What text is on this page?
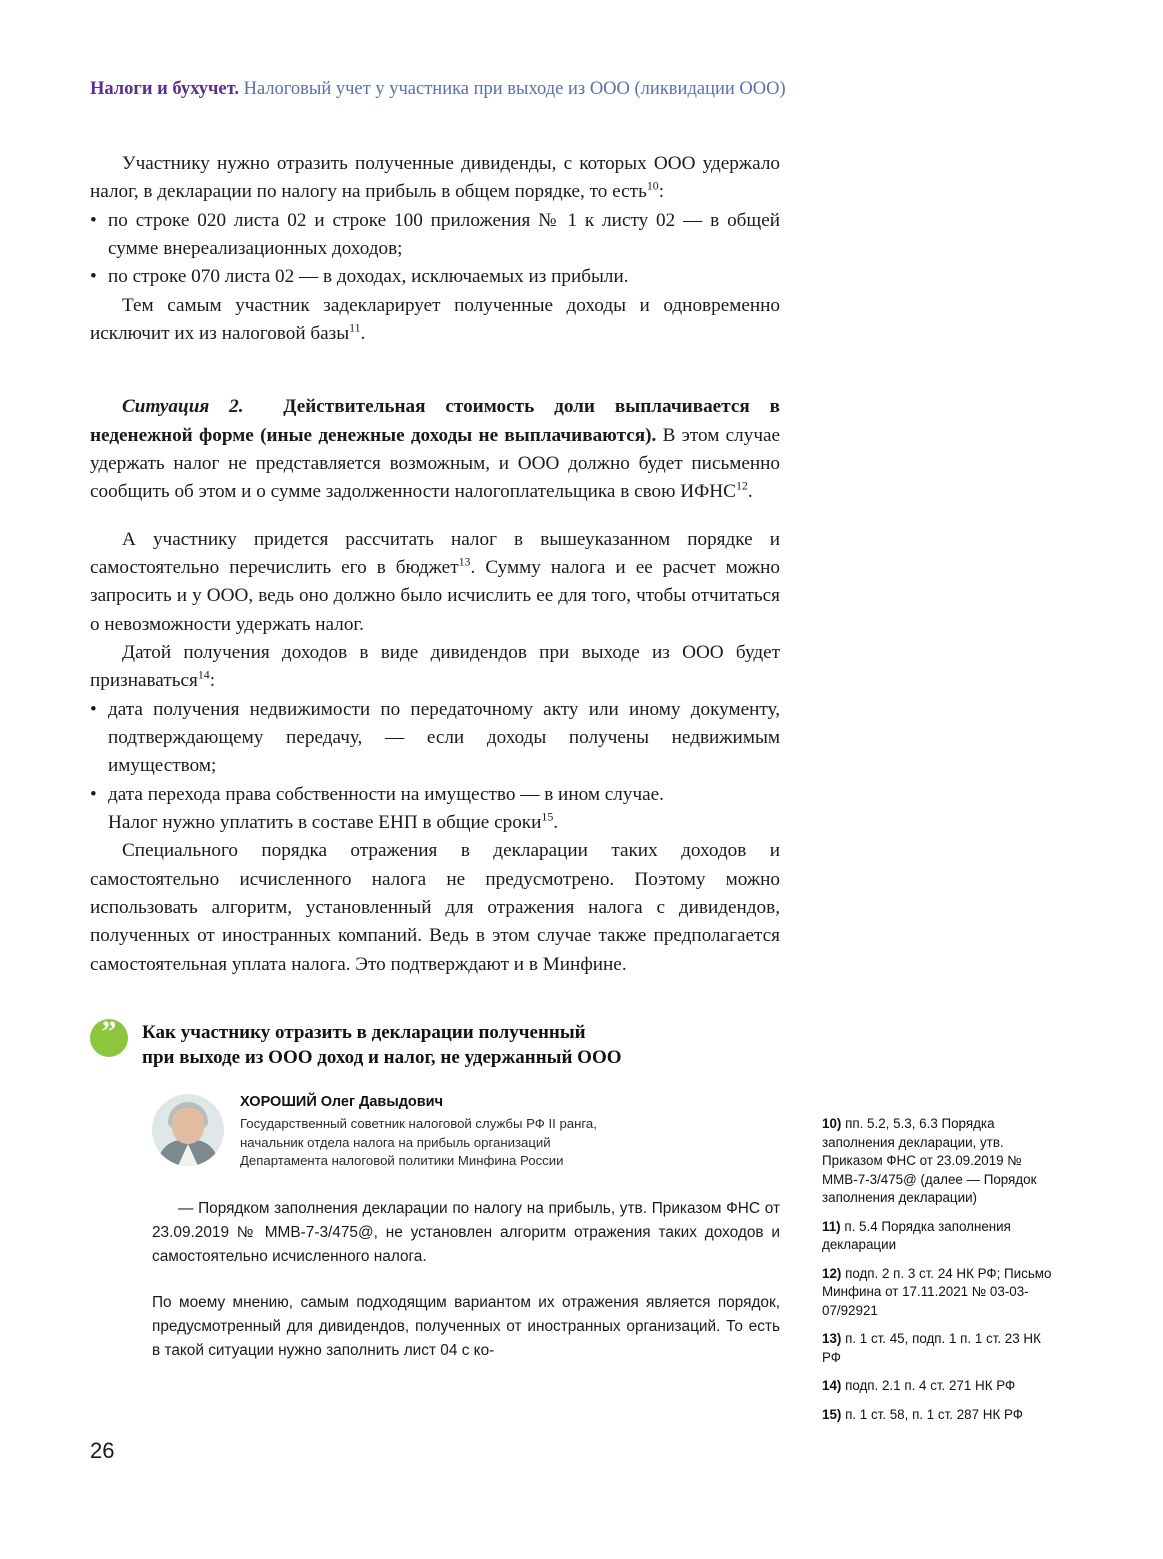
Налоги и бухучет. Налоговый учет у участника при выходе из ООО (ликвидации ООО)

Участнику нужно отразить полученные дивиденды, с которых ООО удержало налог, в декларации по налогу на прибыль в общем порядке, то есть$^{10}$:

• по строке 020 листа 02 и строке 100 приложения № 1 к листу 02 — в общей сумме внереализационных доходов;
• по строке 070 листа 02 — в доходах, исключаемых из прибыли.

Тем самым участник задекларирует полученные доходы и одновременно исключит их из налоговой базы$^{11}$.

Ситуация 2. Действительная стоимость доли выплачивается в неденежной форме (иные денежные доходы не выплачиваются). В этом случае удержать налог не представляется возможным, и ООО должно будет письменно сообщить об этом и о сумме задолженности налогоплательщика в свою ИФНС$^{12}$.

А участнику придется рассчитать налог в вышеуказанном порядке и самостоятельно перечислить его в бюджет$^{13}$. Сумму налога и ее расчет можно запросить и у ООО, ведь оно должно было исчислить ее для того, чтобы отчитаться о невозможности удержать налог.

Датой получения доходов в виде дивидендов при выходе из ООО будет признаваться$^{14}$:

• дата получения недвижимости по передаточному акту или иному документу, подтверждающему передачу, — если доходы получены недвижимым имуществом;
• дата перехода права собственности на имущество — в ином случае.
Налог нужно уплатить в составе ЕНП в общие сроки$^{15}$.

Специального порядка отражения в декларации таких доходов и самостоятельно исчисленного налога не предусмотрено. Поэтому можно использовать алгоритм, установленный для отражения налога с дивидендов, полученных от иностранных компаний. Ведь в этом случае также предполагается самостоятельная уплата налога. Это подтверждают и в Минфине.

” Как участнику отразить в декларации полученный
при выходе из ООО доход и налог, не удержанный ООО
ХОРОШИЙ Олег Давыдович
Государственный советник налоговой службы РФ II ранга,
начальник отдела налога на прибыль организаций
Департамента налоговой политики Минфина России

— Порядком заполнения декларации по налогу на прибыль, утв. Приказом ФНС от 23.09.2019 № ММВ-7-3/475@, не установлен алгоритм отражения таких доходов и самостоятельно исчисленного налога.

По моему мнению, самым подходящим вариантом их отражения является порядок, предусмотренный для дивидендов, полученных от иностранных организаций. То есть в такой ситуации нужно заполнить лист 04 с ко-

10) пп. 5.2, 5.3, 6.3 Порядка заполнения декларации, утв. Приказом ФНС от 23.09.2019 № ММВ-7-3/475@ (далее — Порядок заполнения декларации)
11) п. 5.4 Порядка заполнения декларации
12) подп. 2 п. 3 ст. 24 НК РФ; Письмо Минфина от 17.11.2021 № 03-03-07/92921
13) п. 1 ст. 45, подп. 1 п. 1 ст. 23 НК РФ
14) подп. 2.1 п. 4 ст. 271 НК РФ
15) п. 1 ст. 58, п. 1 ст. 287 НК РФ
26
